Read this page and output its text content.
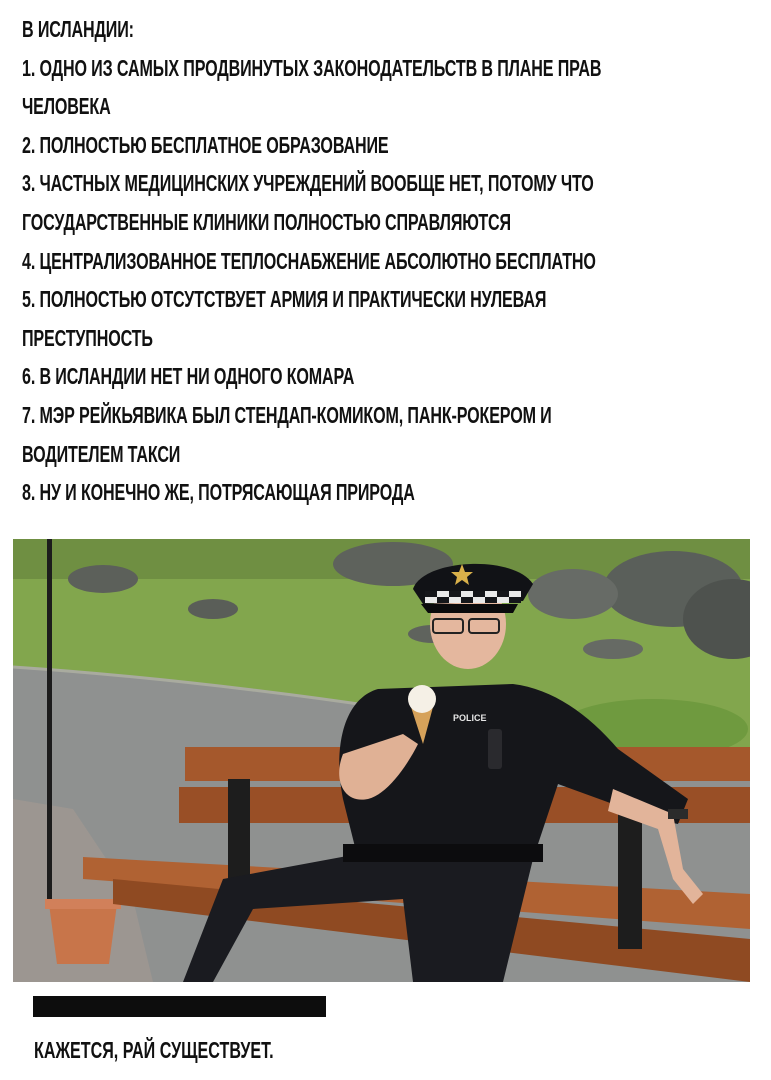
В ИСЛАНДИИ:

1. ОДНО ИЗ САМЫХ ПРОДВИНУТЫХ ЗАКОНОДАТЕЛЬСТВ В ПЛАНЕ ПРАВ

ЧЕЛОВЕКА

2. ПОЛНОСТЬЮ БЕСПЛАТНОЕ ОБРАЗОВАНИЕ

3. ЧАСТНЫХ МЕДИЦИНСКИХ УЧРЕЖДЕНИЙ ВООБЩЕ НЕТ, ПОТОМУ ЧТО

ГОСУДАРСТВЕННЫЕ КЛИНИКИ ПОЛНОСТЬЮ СПРАВЛЯЮТСЯ

4. ЦЕНТРАЛИЗОВАННОЕ ТЕПЛОСНАБЖЕНИЕ АБСОЛЮТНО БЕСПЛАТНО

5. ПОЛНОСТЬЮ ОТСУТСТВУЕТ АРМИЯ И ПРАКТИЧЕСКИ НУЛЕВАЯ

ПРЕСТУПНОСТЬ

6. В ИСЛАНДИИ НЕТ НИ ОДНОГО КОМАРА

7. МЭР РЕЙКЬЯВИКА БЫЛ СТЕНДАП-КОМИКОМ, ПАНК-РОКЕРОМ И

ВОДИТЕЛЕМ ТАКСИ

8. НУ И КОНЕЧНО ЖЕ, ПОТРЯСАЮЩАЯ ПРИРОДА

POLICE
КАЖЕТСЯ, РАЙ СУЩЕСТВУЕТ.
